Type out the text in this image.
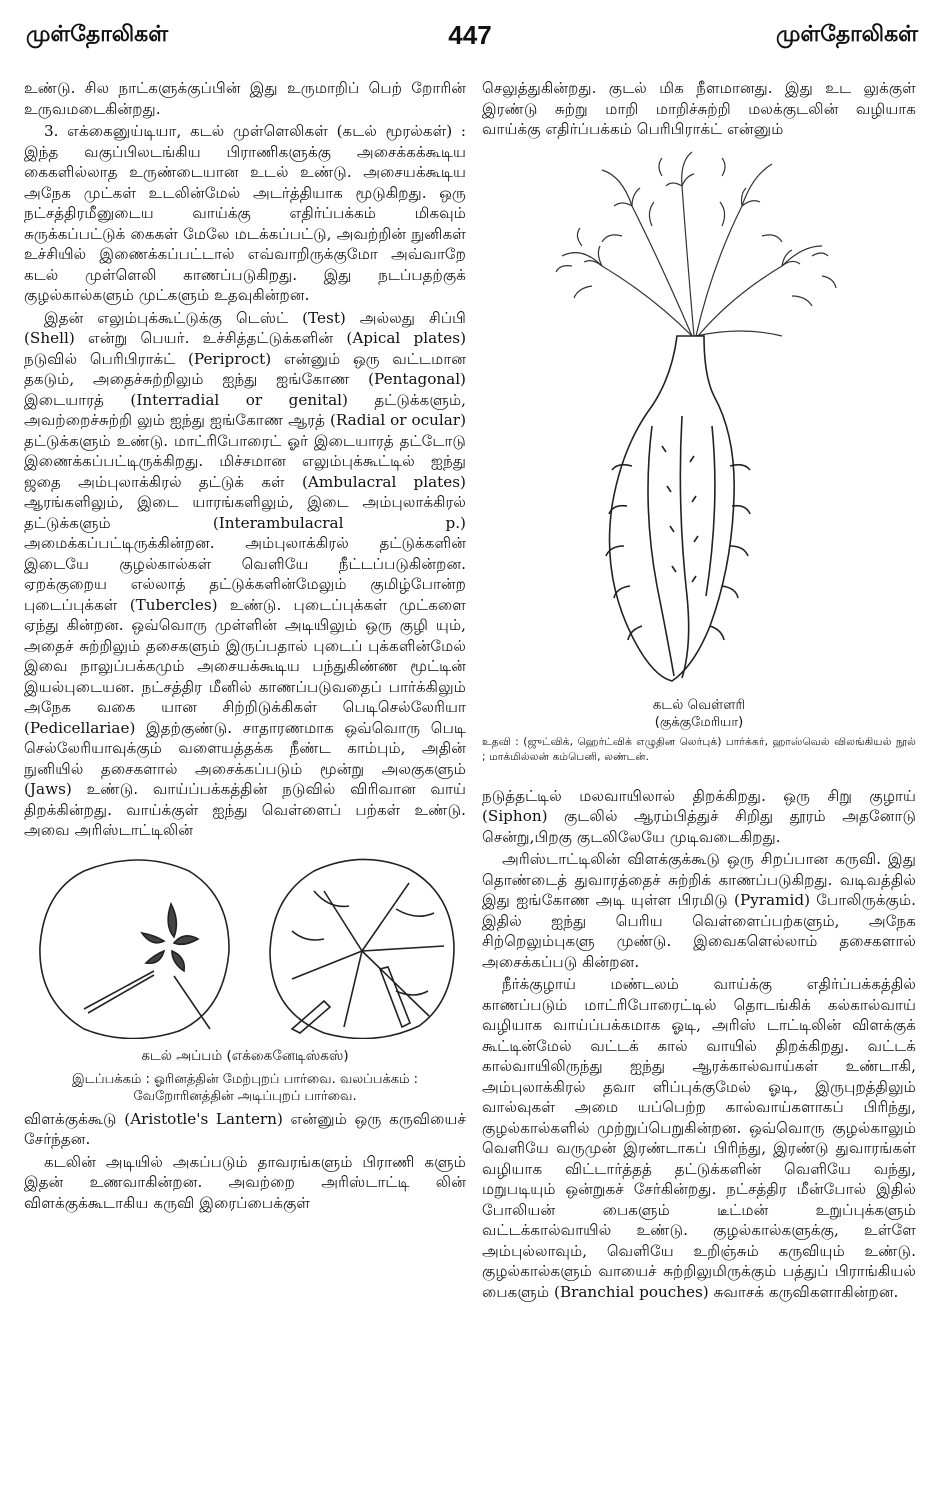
முள்தோலிகள்	447	முள்தோலிகள்

உண்டு. சில நாட்களுக்குப்பின் இது உருமாறிப் பெற் றோரின் உருவமடைகின்றது.

3. எக்கைனுய்டியா, கடல் முள்ளெலிகள் (கடல் மூரல்கள்) : இந்த வகுப்பிலடங்கிய பிராணிகளுக்கு அசைக்கக்கூடிய கைகளில்லாத உருண்டையான உடல் உண்டு. அசையக்கூடிய அநேக முட்கள் உடலின்மேல் அடர்த்தியாக மூடுகிறது. ஒரு நட்சத்திரமீனுடைய வாய்க்கு எதிர்ப்பக்கம் மிகவும் சுருக்கப்பட்டுக் கைகள் மேலே மடக்கப்பட்டு, அவற்றின் நுனிகள் உச்சியில் இணைக்கப்பட்டால் எவ்வாறிருக்குமோ அவ்வாறே கடல் முள்ளெலி காணப்படுகிறது. இது நடப்பதற்குக் குழல்கால்களும் முட்களும் உதவுகின்றன.

இதன் எலும்புக்கூட்டுக்கு டெஸ்ட் (Test) அல்லது சிப்பி (Shell) என்று பெயர். உச்சித்தட்டுக்களின் (Apical plates) நடுவில் பெரிபிராக்ட் (Periproct) என்னும் ஒரு வட்டமான தகடும், அதைச்சுற்றிலும் ஐந்து ஐங்கோண (Pentagonal) இடையாரத் (Interradial or genital) தட்டுக்களும், அவற்றைச்சுற்றி லும் ஐந்து ஐங்கோண ஆரத் (Radial or ocular) தட்டுக்களும் உண்டு. மாட்ரிபோரைட் ஓர் இடையாரத் தட்டோடு இணைக்கப்பட்டிருக்கிறது. மிச்சமான எலும்புக்கூட்டில் ஐந்து ஜதை அம்புலாக்கிரல் தட்டுக் கள் (Ambulacral plates) ஆரங்களிலும், இடை யாரங்களிலும், இடை அம்புலாக்கிரல் தட்டுக்களும் (Interambulacral p.) அமைக்கப்பட்டிருக்கின்றன. அம்புலாக்கிரல் தட்டுக்களின் இடையே குழல்கால்கள் வெளியே நீட்டப்படுகின்றன. ஏறக்குறைய எல்லாத் தட்டுக்களின்மேலும் குமிழ்போன்ற புடைப்புக்கள் (Tubercles) உண்டு. புடைப்புக்கள் முட்களை ஏந்து கின்றன. ஒவ்வொரு முள்ளின் அடியிலும் ஒரு குழி யும், அதைச் சுற்றிலும் தசைகளும் இருப்பதால் புடைப் புக்களின்மேல் இவை நாலுப்பக்கமும் அசையக்கூடிய பந்துகிண்ண மூட்டின் இயல்புடையன. நட்சத்திர மீனில் காணப்படுவதைப் பார்க்கிலும் அநேக வகை யான சிற்றிடுக்கிகள் பெடிசெல்லேரியா (Pedicellariae) இதற்குண்டு. சாதாரணமாக ஒவ்வொரு பெடி செல்லேரியாவுக்கும் வளையத்தக்க நீண்ட காம்பும், அதின் நுனியில் தசைகளால் அசைக்கப்படும் மூன்று அலகுகளும் (Jaws) உண்டு. வாய்ப்பக்கத்தின் நடுவில் விரிவான வாய் திறக்கின்றது. வாய்க்குள் ஐந்து வெள்ளைப் பற்கள் உண்டு. அவை அரிஸ்டாட்டிலின்

கடல் அப்பம் (எக்கைனேடிஸ்கஸ்)

இடப்பக்கம் : ஓரினத்தின் மேற்புறப் பார்வை. வலப்பக்கம் : வேறோரினத்தின் அடிப்புறப் பார்வை.

விளக்குக்கூடு (Aristotle's Lantern) என்னும் ஒரு கருவியைச் சேர்ந்தன.

கடலின் அடியில் அகப்படும் தாவரங்களும் பிராணி களும் இதன் உணவாகின்றன. அவற்றை அரிஸ்டாட்டி லின் விளக்குக்கூடாகிய கருவி இரைப்பைக்குள்

செலுத்துகின்றது. குடல் மிக நீளமானது. இது உட லுக்குள் இரண்டு சுற்று மாறி மாறிச்சுற்றி மலக்குடலின் வழியாக வாய்க்கு எதிர்ப்பக்கம் பெரிபிராக்ட் என்னும்

கடல் வெள்ளரி

(குக்குமேரியா)

உதவி : (ஜுட்விக், ஹெர்ட்விக் எழுதின லெர்புக்) பார்க்கர், ஹாஸ்வெல் விலங்கியல் நூல் ; மாக்மில்லன் கம்பெனி, லண்டன்.

நடுத்தட்டில் மலவாயிலால் திறக்கிறது. ஒரு சிறு குழாய் (Siphon) குடலில் ஆரம்பித்துச் சிறிது தூரம் அதனோடு சென்று,பிறகு குடலிலேயே முடிவடைகிறது.

அரிஸ்டாட்டிலின் விளக்குக்கூடு ஒரு சிறப்பான கருவி. இது தொண்டைத் துவாரத்தைச் சுற்றிக் காணப்படுகிறது. வடிவத்தில் இது ஐங்கோண அடி யுள்ள பிரமிடு (Pyramid) போலிருக்கும். இதில் ஐந்து பெரிய வெள்ளைப்பற்களும், அநேக சிற்றெலும்புகளு முண்டு. இவைகளெல்லாம் தசைகளால் அசைக்கப்படு கின்றன.

நீர்க்குழாய் மண்டலம் வாய்க்கு எதிர்ப்பக்கத்தில் காணப்படும் மாட்ரிபோரைட்டில் தொடங்கிக் கல்கால்வாய் வழியாக வாய்ப்பக்கமாக ஓடி, அரிஸ் டாட்டிலின் விளக்குக் கூட்டின்மேல் வட்டக் கால் வாயில் திறக்கிறது. வட்டக் கால்வாயிலிருந்து ஐந்து ஆரக்கால்வாய்கள் உண்டாகி, அம்புலாக்கிரல் தவா ளிப்புக்குமேல் ஓடி, இருபுறத்திலும் வால்வுகள் அமை யப்பெற்ற கால்வாய்களாகப் பிரிந்து, குழல்கால்களில் முற்றுப்பெறுகின்றன. ஒவ்வொரு குழல்காலும் வெளியே வருமுன் இரண்டாகப் பிரிந்து, இரண்டு துவாரங்கள் வழியாக விட்டார்த்தத் தட்டுக்களின் வெளியே வந்து, மறுபடியும் ஒன்றுகச் சேர்கின்றது. நட்சத்திர மீன்போல் இதில் போலியன் பைகளும் டீட்மன் உறுப்புக்களும் வட்டக்கால்வாயில் உண்டு. குழல்கால்களுக்கு, உள்ளே அம்புல்லாவும், வெளியே உறிஞ்சும் கருவியும் உண்டு. குழல்கால்களும் வாயைச் சுற்றிலுமிருக்கும் பத்துப் பிராங்கியல் பைகளும் (Branchial pouches) சுவாசக் கருவிகளாகின்றன.
